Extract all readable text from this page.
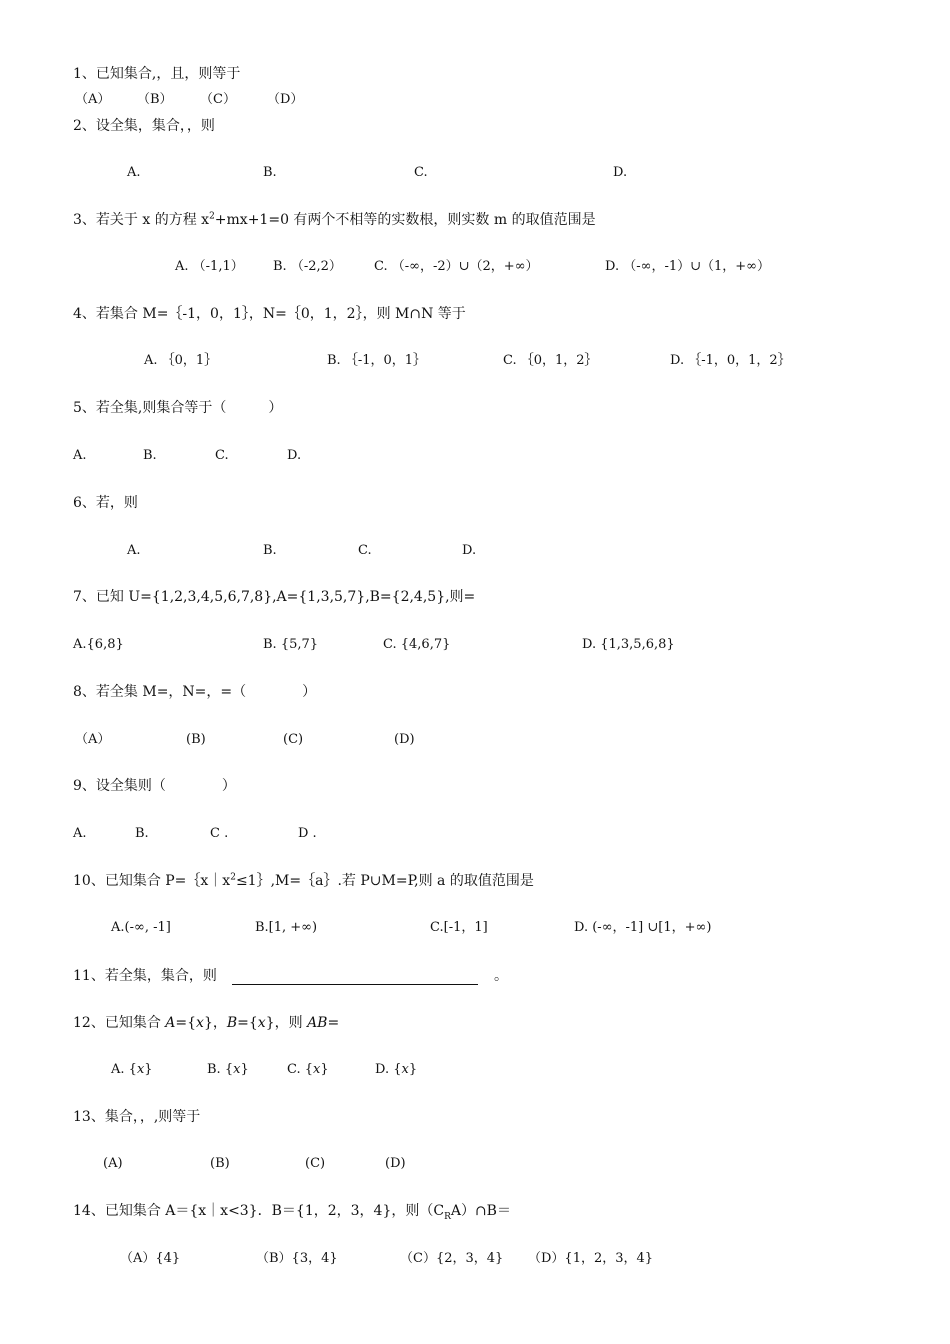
1、已知集合,，且，则等于
（A） （B） （C） （D）
2、设全集，集合，，则
A.	B.	C.	D.
3、若关于 x 的方程 $x^2+mx+1=0$ 有两个不相等的实数根，则实数 m 的取值范围是
A. （-1,1） B. （-2,2） C. （-∞，-2）∪（2，+∞）	D. （-∞，-1）∪（1，+∞）
4、若集合 M=｛-1，0，1｝，N=｛0，1，2｝，则 M∩N 等于
A. ｛0，1｝	B. ｛-1，0，1｝	C. ｛0，1，2｝	D. ｛-1，0，1，2｝
5、若全集,则集合等于（　　　）
A.	B.	C.	D.
6、若，则
A.	B.	C.	D.
7、已知 U={1,2,3,4,5,6,7,8},A={1,3,5,7},B={2,4,5},则=
A.{6,8}	B. {5,7}	C. {4,6,7}	D. {1,3,5,6,8}
8、若全集 M=，N=，=（　　　　）
（A）	(B)	(C)	(D)
9、设全集则（　　　　）
A.	B.	C .	D .
10、已知集合 $P=\{x|x^2\le 1\},M=\{a\}$.若 P∪M=P,则 a 的取值范围是
A.(-∞, -1]	B.[1, +∞)	C.[-1，1]	D. (-∞，-1] ∪[1，+∞)
11、若全集，集合，则	。
12、已知集合 A={x}，B={x}，则 AB=
A. {x}	B. {x}	C. {x}	D. {x}
13、集合，，,则等于
(A)	(B)	(C)	(D)
14、已知集合 A＝{x｜x<3}．B＝{1，2，3，4}，则$(C_RA)\cap B=$
（A）{4}	（B）{3，4}	（C）{2，3，4} （D）{1，2，3，4}
